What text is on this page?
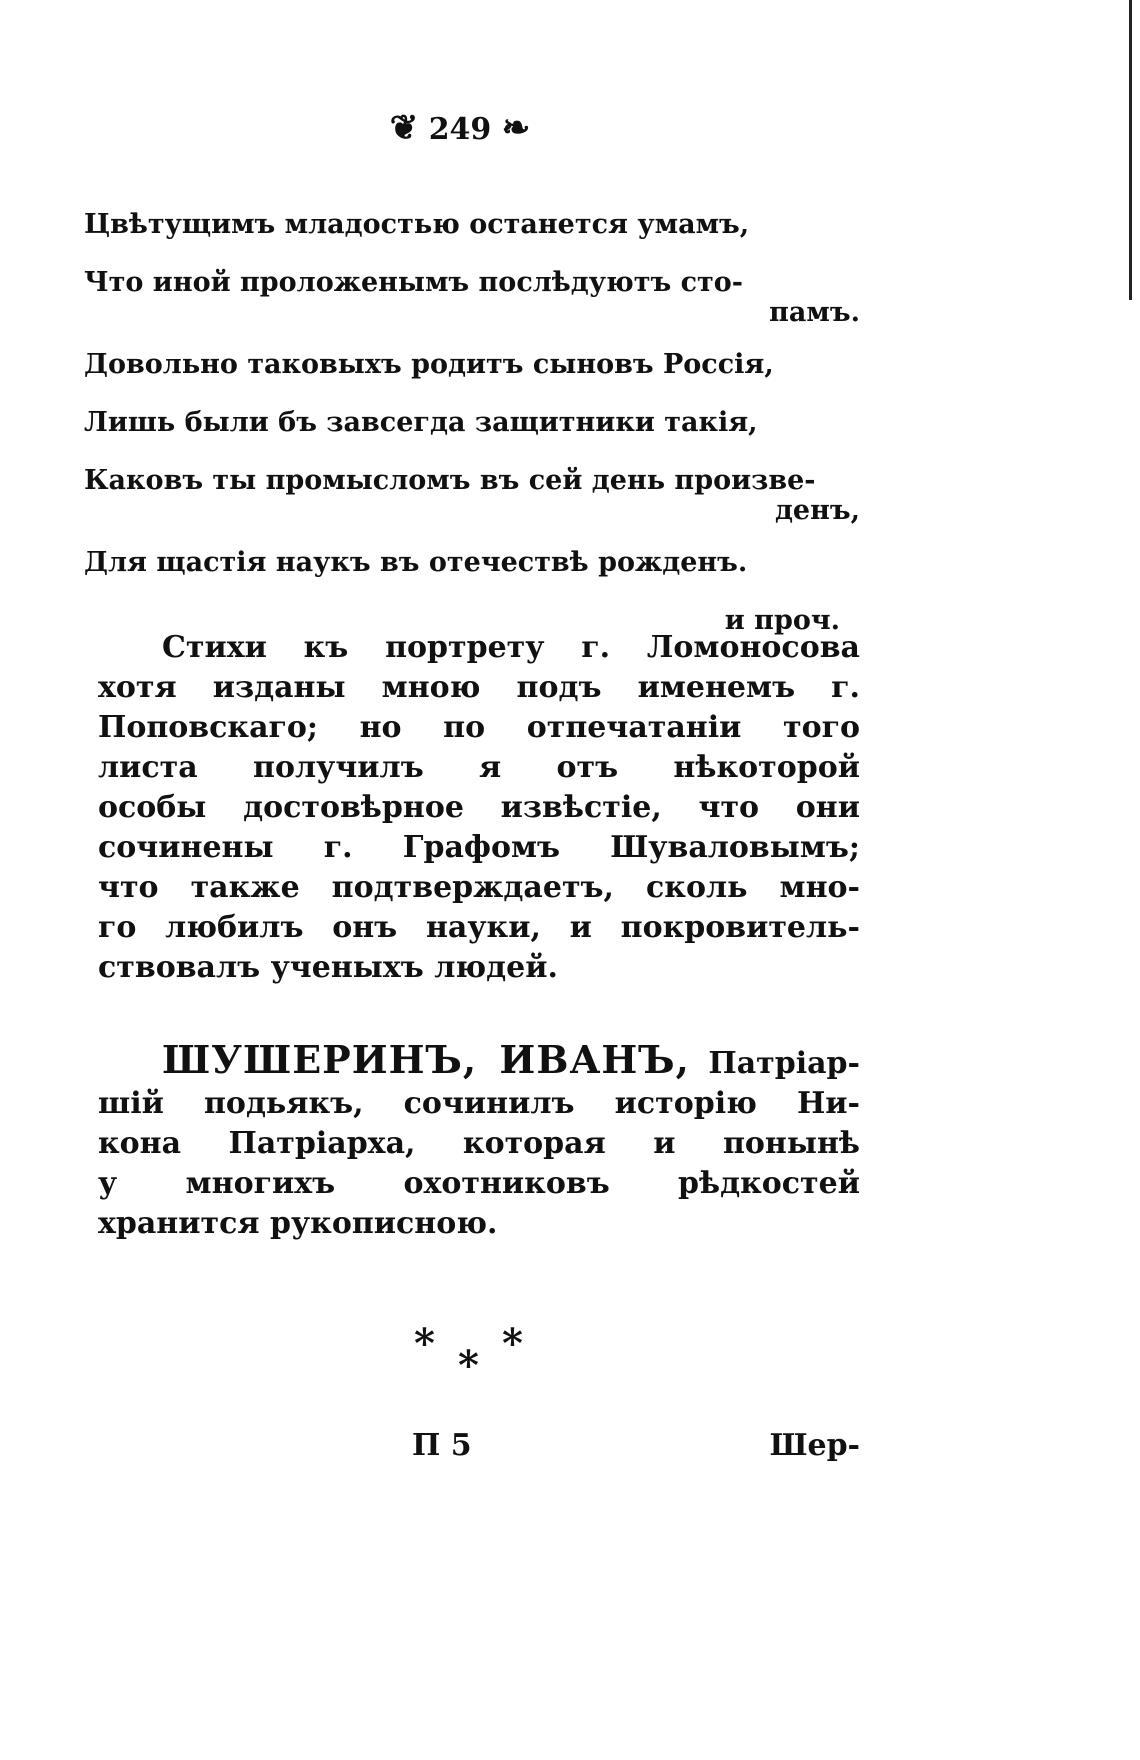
❦ 249 ❧
Цвѣтущимъ младостью останется умамъ,
Что иной проложенымъ послѣдуютъ сто-
памъ.
Довольно таковыхъ родитъ сыновъ Россія,
Лишь были бъ завсегда защитники такія,
Каковъ ты промысломъ въ сей день произве-
денъ,
Для щастія наукъ въ отечествѣ рожденъ.
и проч.
Стихи къ портрету г. Ломоносова
хотя изданы мною подъ именемъ г.
Поповскаго; но по отпечатаніи того
листа получилъ я отъ нѣкоторой
особы достовѣрное извѣстіе, что они
сочинены г. Графомъ Шуваловымъ;
что также подтверждаетъ, сколь мно-
го любилъ онъ науки, и покровитель-
ствовалъ ученыхъ людей.
ШУШЕРИНЪ, ИВАНЪ, Патріар-
шій подьякъ, сочинилъ исторію Ни-
кона Патріарха, которая и понынѣ
у многихъ охотниковъ рѣдкостей
хранится рукописною.
* * *
П 5	Шер-
